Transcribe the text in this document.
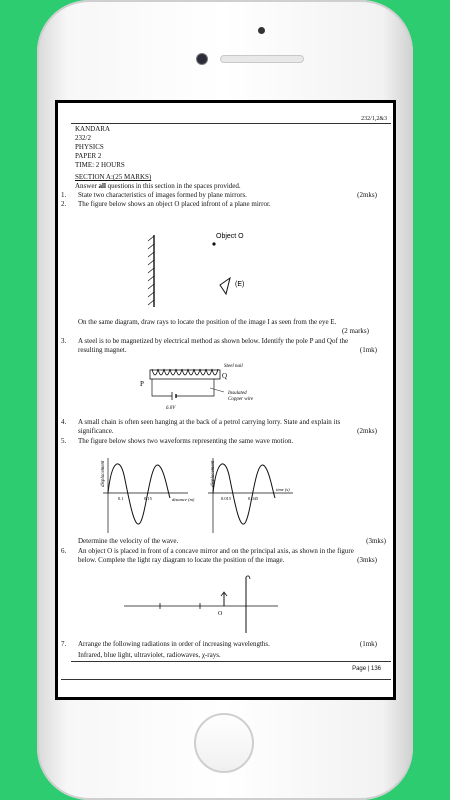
232/1,2&3
KANDARA
232/2
PHYSICS
PAPER 2
TIME: 2 HOURS
SECTION A:(25 MARKS)
Answer all questions in this section in the spaces provided.
1. State two characteristics of images formed by plane mirrors.	(2mks)
2. The figure below shows an object O placed infront of a plane mirror.
Object O
(E)
On the same diagram, draw rays to locate the position of the image I as seen from the eye E.
(2 marks)
3. A steel is to be magnetized by electrical method as shown below. Identify the pole P and Qof the resulting magnet.	(1mk)
P
Q
Steel nail
Insulated
Copper wire
6.0V
4. A small chain is often seen hanging at the back of a petrol carrying lorry. State and explain its significance.	(2mks)
5. The figure below shows two waveforms representing the same wave motion.
displacement
0.1	0.15	distance (m)
displacement
0.015	0.045
time (s)
Determine the velocity of the wave.	(3mks)
6. An object O is placed in front of a concave mirror and on the principal axis, as shown in the figure below. Complete the light ray diagram to locate the position of the image.	(3mks)
O
7. Arrange the following radiations in order of increasing wavelengths.	(1mk)
Infrared, blue light, ultraviolet, radiowaves, χ-rays.
Page | 136
